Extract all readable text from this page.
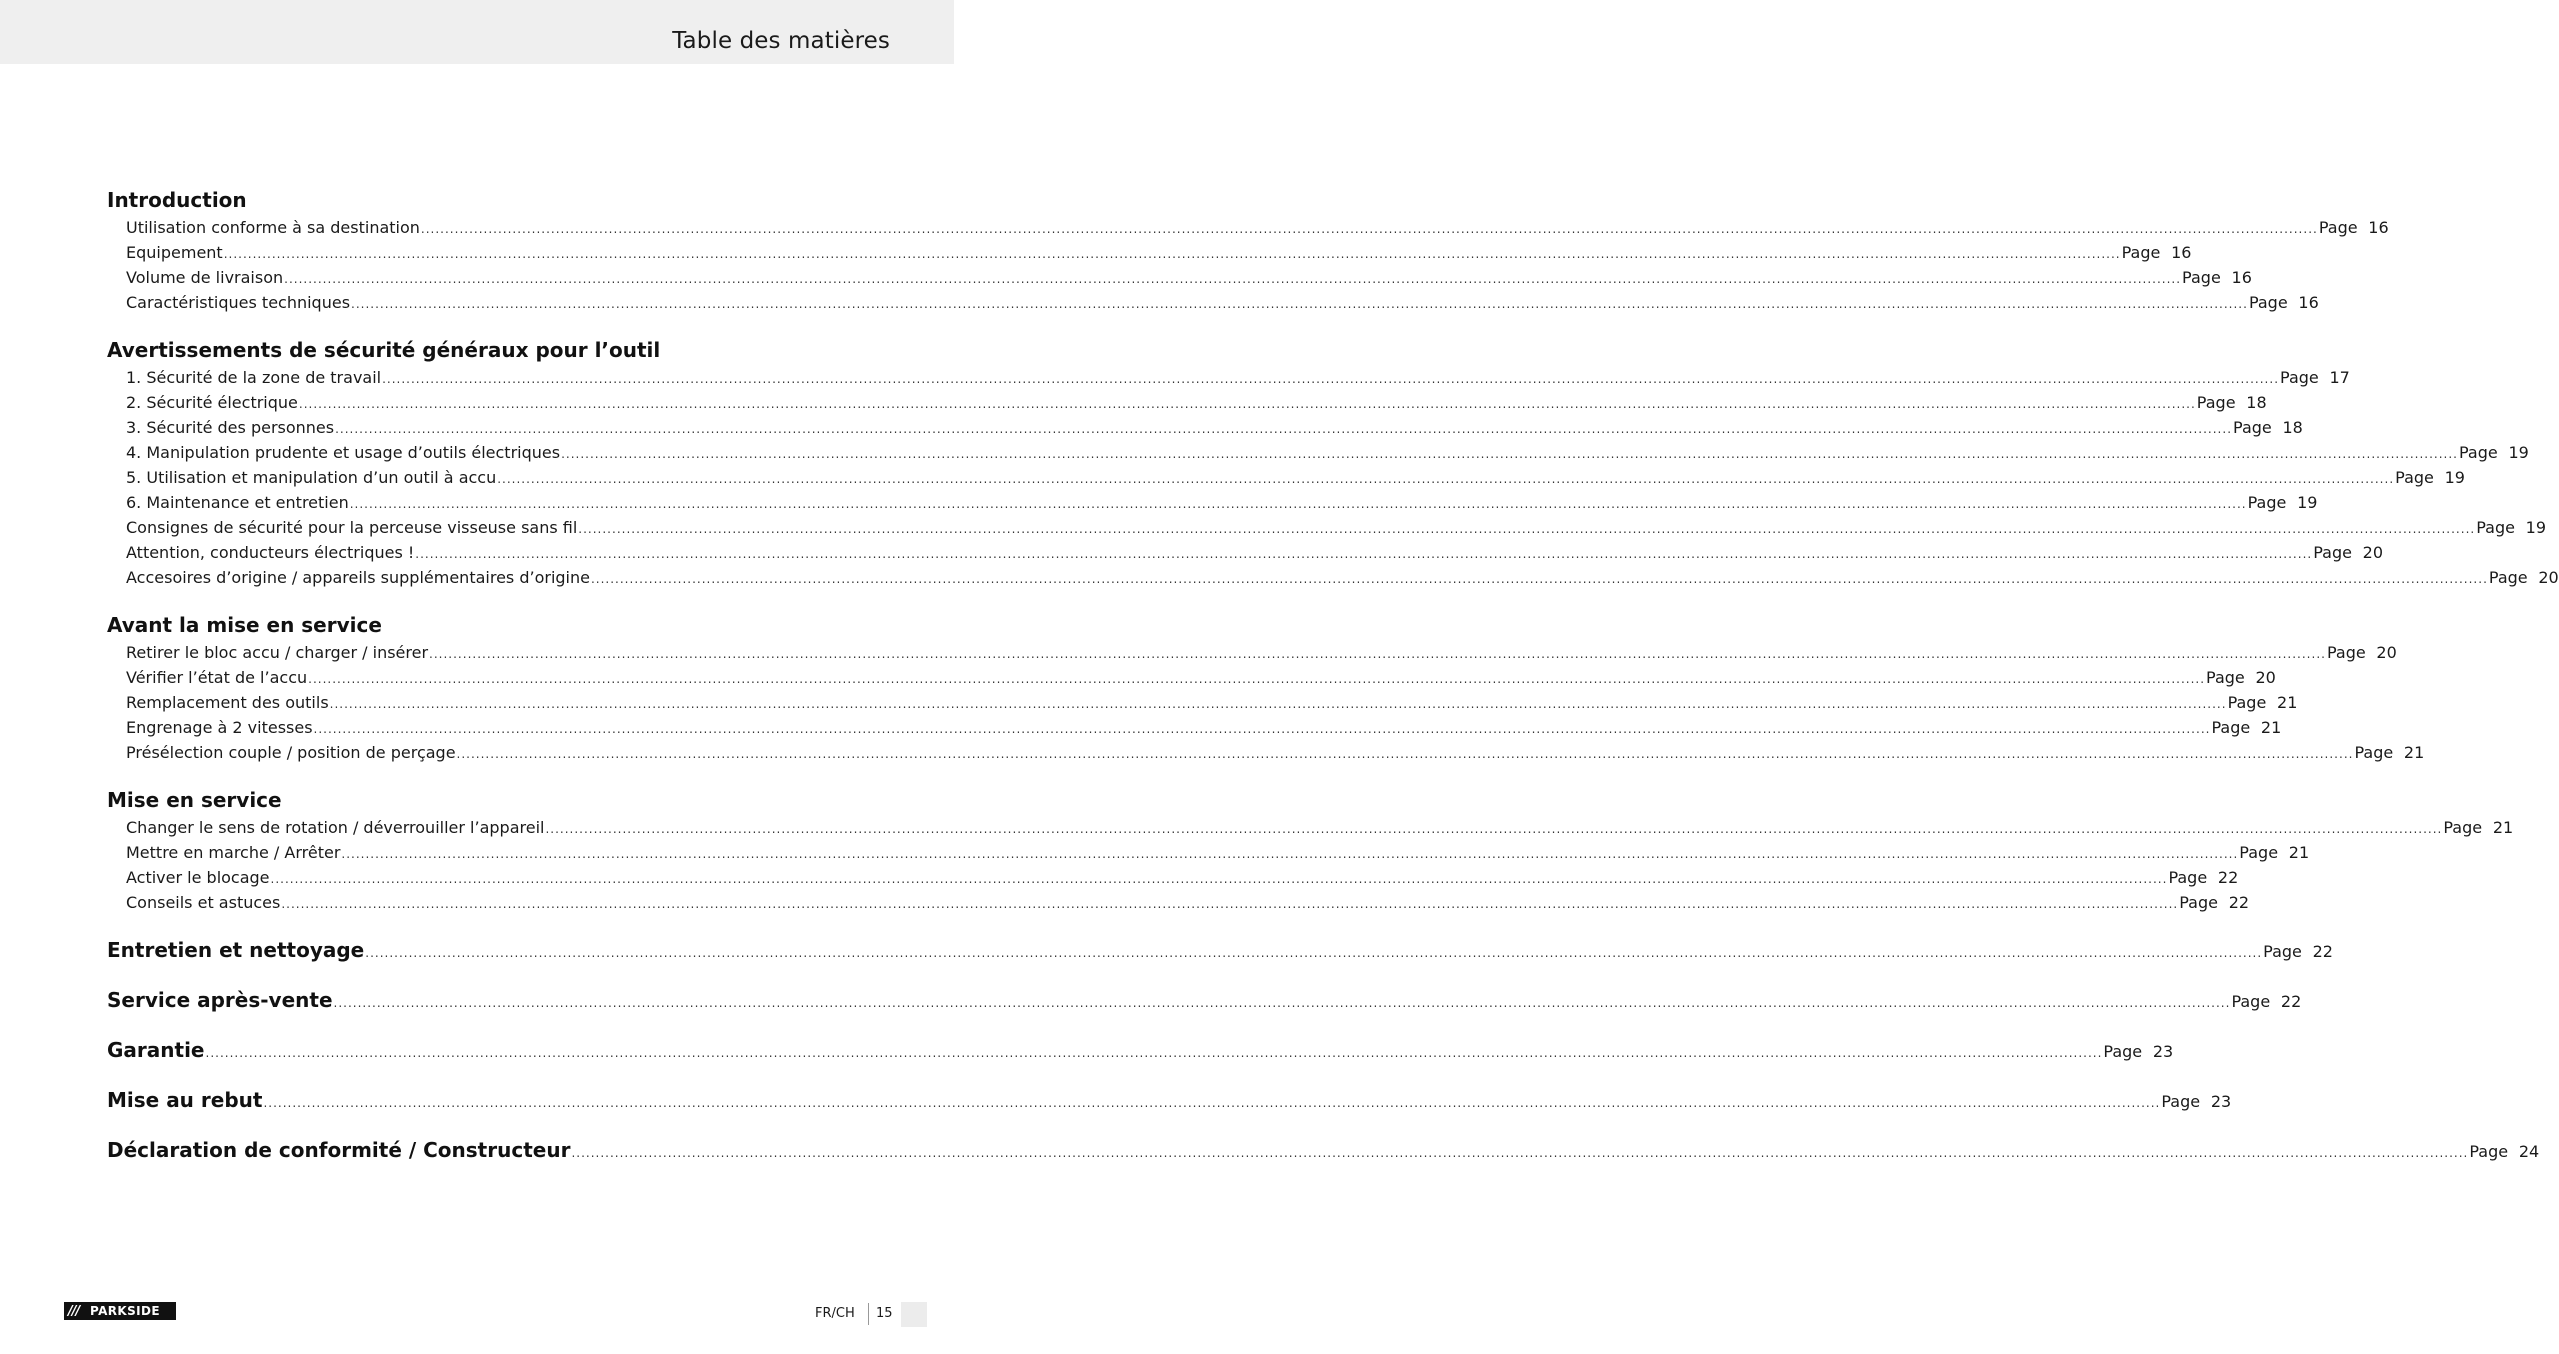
Table des matières
Introduction
Utilisation conforme à sa destination .......................................................................................................................................................................................................................................................................................................................................................................................................... Page 16
Equipement .......................................................................................................................................................................................................................................................................................................................................................................................................... Page 16
Volume de livraison .......................................................................................................................................................................................................................................................................................................................................................................................................... Page 16
Caractéristiques techniques .......................................................................................................................................................................................................................................................................................................................................................................................................... Page 16
Avertissements de sécurité généraux pour l’outil
1. Sécurité de la zone de travail .......................................................................................................................................................................................................................................................................................................................................................................................................... Page 17
2. Sécurité électrique .......................................................................................................................................................................................................................................................................................................................................................................................................... Page 18
3. Sécurité des personnes .......................................................................................................................................................................................................................................................................................................................................................................................................... Page 18
4. Manipulation prudente et usage d’outils électriques .......................................................................................................................................................................................................................................................................................................................................................................................................... Page 19
5. Utilisation et manipulation d’un outil à accu .......................................................................................................................................................................................................................................................................................................................................................................................................... Page 19
6. Maintenance et entretien .......................................................................................................................................................................................................................................................................................................................................................................................................... Page 19
Consignes de sécurité pour la perceuse visseuse sans fil .......................................................................................................................................................................................................................................................................................................................................................................................................... Page 19
Attention, conducteurs électriques ! .......................................................................................................................................................................................................................................................................................................................................................................................................... Page 20
Accesoires d’origine / appareils supplémentaires d’origine .......................................................................................................................................................................................................................................................................................................................................................................................................... Page 20
Avant la mise en service
Retirer le bloc accu / charger / insérer .......................................................................................................................................................................................................................................................................................................................................................................................................... Page 20
Vérifier l’état de l’accu .......................................................................................................................................................................................................................................................................................................................................................................................................... Page 20
Remplacement des outils .......................................................................................................................................................................................................................................................................................................................................................................................................... Page 21
Engrenage à 2 vitesses .......................................................................................................................................................................................................................................................................................................................................................................................................... Page 21
Présélection couple / position de perçage .......................................................................................................................................................................................................................................................................................................................................................................................................... Page 21
Mise en service
Changer le sens de rotation / déverrouiller l’appareil .......................................................................................................................................................................................................................................................................................................................................................................................................... Page 21
Mettre en marche / Arrêter .......................................................................................................................................................................................................................................................................................................................................................................................................... Page 21
Activer le blocage .......................................................................................................................................................................................................................................................................................................................................................................................................... Page 22
Conseils et astuces .......................................................................................................................................................................................................................................................................................................................................................................................................... Page 22
Entretien et nettoyage .......................................................................................................................................................................................................................................................................................................................................................................................................... Page 22
Service après-vente .......................................................................................................................................................................................................................................................................................................................................................................................................... Page 22
Garantie .......................................................................................................................................................................................................................................................................................................................................................................................................... Page 23
Mise au rebut .......................................................................................................................................................................................................................................................................................................................................................................................................... Page 23
Déclaration de conformité / Constructeur .......................................................................................................................................................................................................................................................................................................................................................................................................... Page 24
/// PARKSIDE	FR/CH 15
